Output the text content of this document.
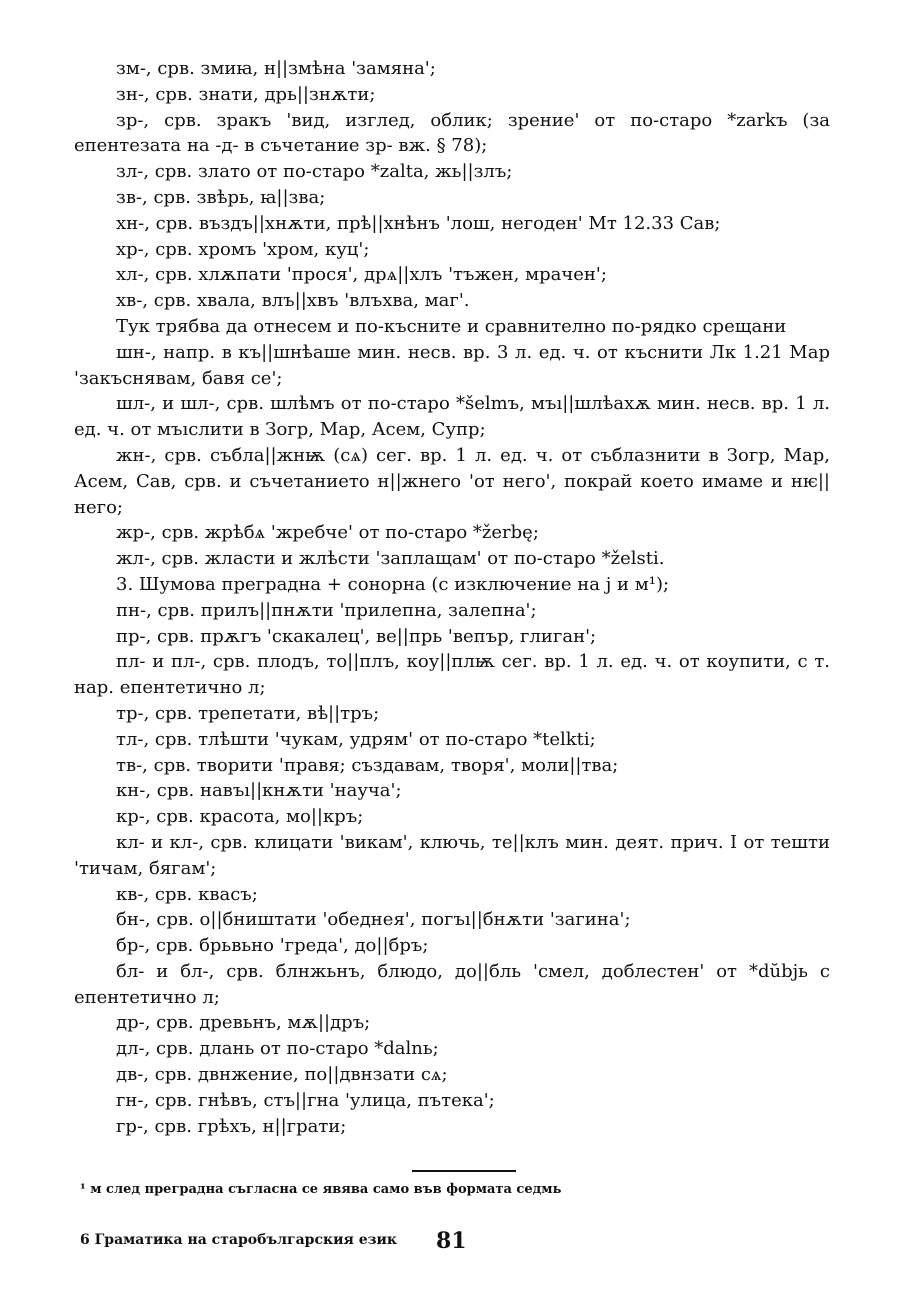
зм-, срв. змиꙗ, н||змѣна 'замяна';

зн-, срв. знати, дрь||знѫти;

зр-, срв. зракъ 'вид, изглед, облик; зрение' от по-старо *zarkъ (за епентезата на -д- в съчетание зр- вж. § 78);

зл-, срв. злато от по-старо *zalta, жь||злъ;

зв-, срв. звѣрь, ꙗ||зва;

хн-, срв. въздъ||хнѫти, прѣ||хнѣнъ 'лош, негоден' Мт 12.33 Сав;

хр-, срв. хромъ 'хром, куц';

хл-, срв. хлѫпати 'прося', дрѧ||хлъ 'тъжен, мрачен';

хв-, срв. хвала, влъ||хвъ 'влъхва, маг'.

Тук трябва да отнесем и по-късните и сравнително по-рядко срещани

шн-, напр. в къ||шнѣаше мин. несв. вр. 3 л. ед. ч. от къснити Лк 1.21 Мар 'закъснявам, бавя се';

шл-, и шл-, срв. шлѣмъ от по-старо *šelmъ, мъı||шлѣахѫ мин. несв. вр. 1 л. ед. ч. от мъıслити в Зогр, Мар, Асем, Супр;

жн-, срв. съблa||жнѭ (сѧ) сег. вр. 1 л. ед. ч. от съблазнити в Зогр, Мар, Асем, Сав, срв. и съчетанието н||жнего 'от него', покрай което имаме и нѥ||него;

жр-, срв. жрѣбѧ 'жребче' от по-старо *žerbę;

жл-, срв. жлaсти и жлѣсти 'заплащам' от по-старо *želsti.

3. Шумова преградна + сонорна (с изключение на j и м¹);

пн-, срв. прилъ||пнѫти 'прилепна, залепна';

пр-, срв. прѫгъ 'скакалец', ве||прь 'вепър, глиган';

пл- и пл-, срв. плодъ, то||плъ, коу||плѭ сег. вр. 1 л. ед. ч. от коупити, с т. нар. епентетично л;

тр-, срв. трепетати, вѣ||тръ;

тл-, срв. тлѣшти 'чукам, удрям' от по-старо *telkti;

тв-, срв. творити 'правя; създавам, творя', моли||тва;

кн-, срв. навъı||кнѫти 'науча';

кр-, срв. красота, мо||кръ;

кл- и кл-, срв. клицати 'викам', ключь, те||клъ мин. деят. прич. I от тешти 'тичам, бягам';

кв-, срв. квасъ;

бн-, срв. о||бништати 'обеднея', погъı||бнѫти 'загина';

бр-, срв. брьвьно 'греда', до||бръ;

бл- и бл-, срв. блнжьнъ, блюдо, до||бль 'смел, доблестен' от *dŭbjь с епентетично л;

др-, срв. древьнъ, мѫ||дръ;

дл-, срв. длань от по-старо *dalnь;

дв-, срв. двнжение, по||двнзати сѧ;

гн-, срв. гнѣвъ, стъ||гна 'улица, пътека';

гр-, срв. грѣхъ, н||грати;

¹ м след преградна съгласна се явява само във формата седмь
6 Граматика на старобългарския език 81
